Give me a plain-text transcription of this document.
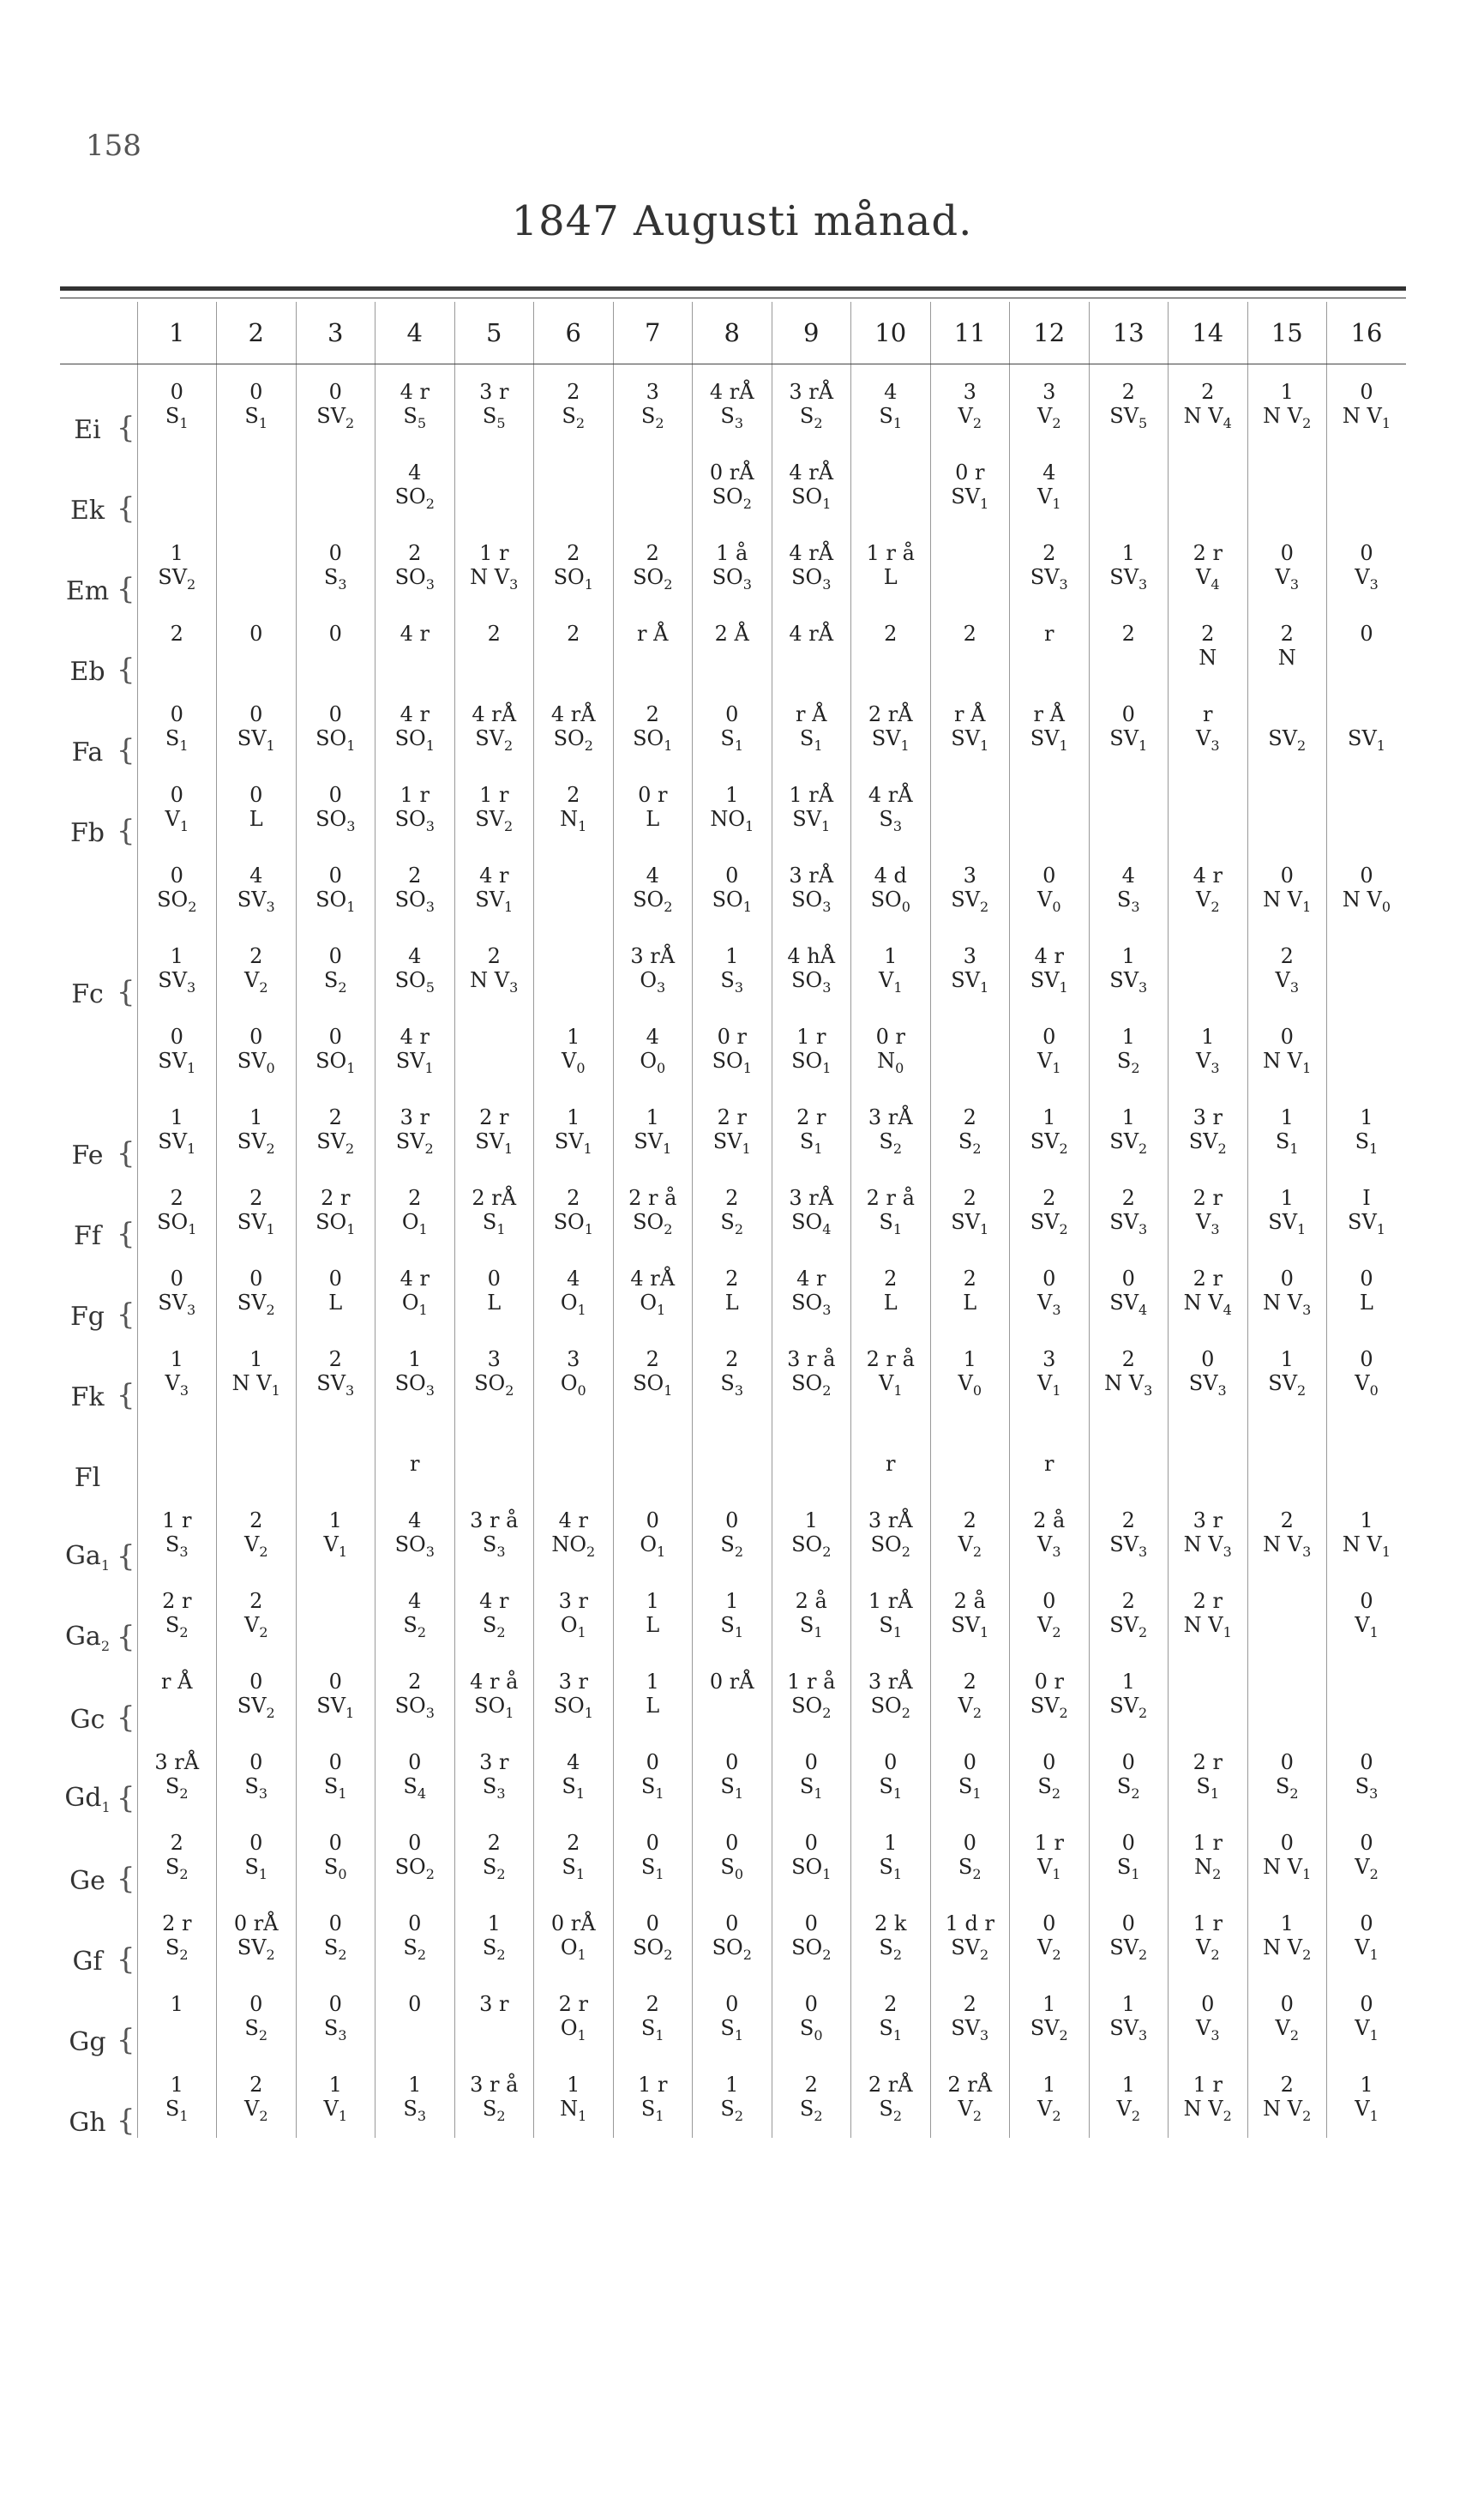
158
1847 Augusti månad.
		1	2	3	4	5	6	7	8	9	10	11	12	13	14	15	16
Ei	{	0	0	0	4 r	3 r	2	3	4 rÅ	3 rÅ	4	3	3	2	2	1	0
		$S_1$	$S_1$	$SV_2$	$S_5$	$S_5$	$S_2$	$S_2$	$S_3$	$S_2$	$S_1$	$V_2$	$V_2$	$SV_5$	N $V_4$	N $V_2$	N $V_1$
Ek	{				4				0 rÅ	4 rÅ		0 r	4				
					$SO_2$				$SO_2$	$SO_1$		$SV_1$	$V_1$				
Em	{	1		0	2	1 r	2	2	1 å	4 rÅ	1 r å		2	1	2 r	0	0
		$SV_2$		$S_3$	$SO_3$	N $V_3$	$SO_1$	$SO_2$	$SO_3$	$SO_3$	L		$SV_3$	$SV_3$	$V_4$	$V_3$	$V_3$
Eb	{	2	0	0	4 r	2	2	r Å	2 Å	4 rÅ	2	2	r	2	2	2	0
															N	N	
Fa	{	0	0	0	4 r	4 rÅ	4 rÅ	2	0	r Å	2 rÅ	r Å	r Å	0	r		
		$S_1$	$SV_1$	$SO_1$	$SO_1$	$SV_2$	$SO_2$	$SO_1$	$S_1$	$S_1$	$SV_1$	$SV_1$	$SV_1$	$SV_1$	$V_3$	$SV_2$	$SV_1$
Fb	{	0	0	0	1 r	1 r	2	0 r	1	1 rÅ	4 rÅ						
		$V_1$	L	$SO_3$	$SO_3$	$SV_2$	$N_1$	L	$NO_1$	$SV_1$	$S_3$						
		0	4	0	2	4 r		4	0	3 rÅ	4 d	3	0	4	4 r	0	0
		$SO_2$	$SV_3$	$SO_1$	$SO_3$	$SV_1$		$SO_2$	$SO_1$	$SO_3$	$SO_0$	$SV_2$	$V_0$	$S_3$	$V_2$	N $V_1$	N $V_0$
Fc	{	1	2	0	4	2		3 rÅ	1	4 hÅ	1	3	4 r	1		2	
		$SV_3$	$V_2$	$S_2$	$SO_5$	N $V_3$		$O_3$	$S_3$	$SO_3$	$V_1$	$SV_1$	$SV_1$	$SV_3$		$V_3$	
		0	0	0	4 r		1	4	0 r	1 r	0 r		0	1	1	0	
		$SV_1$	$SV_0$	$SO_1$	$SV_1$		$V_0$	$O_0$	$SO_1$	$SO_1$	$N_0$		$V_1$	$S_2$	$V_3$	N $V_1$	
Fe	{	1	1	2	3 r	2 r	1	1	2 r	2 r	3 rÅ	2	1	1	3 r	1	1
		$SV_1$	$SV_2$	$SV_2$	$SV_2$	$SV_1$	$SV_1$	$SV_1$	$SV_1$	$S_1$	$S_2$	$S_2$	$SV_2$	$SV_2$	$SV_2$	$S_1$	$S_1$
Ff	{	2	2	2 r	2	2 rÅ	2	2 r å	2	3 rÅ	2 r å	2	2	2	2 r	1	I
		$SO_1$	$SV_1$	$SO_1$	$O_1$	$S_1$	$SO_1$	$SO_2$	$S_2$	$SO_4$	$S_1$	$SV_1$	$SV_2$	$SV_3$	$V_3$	$SV_1$	$SV_1$
Fg	{	0	0	0	4 r	0	4	4 rÅ	2	4 r	2	2	0	0	2 r	0	0
		$SV_3$	$SV_2$	L	$O_1$	L	$O_1$	$O_1$	L	$SO_3$	L	L	$V_3$	$SV_4$	N $V_4$	N $V_3$	L
Fk	{	1	1	2	1	3	3	2	2	3 r å	2 r å	1	3	2	0	1	0
		$V_3$	N $V_1$	$SV_3$	$SO_3$	$SO_2$	$O_0$	$SO_1$	$S_3$	$SO_2$	$V_1$	$V_0$	$V_1$	N $V_3$	$SV_3$	$SV_2$	$V_0$
Fl																	
					r						r		r				
$Ga_1$	{	1 r	2	1	4	3 r å	4 r	0	0	1	3 rÅ	2	2 å	2	3 r	2	1
		$S_3$	$V_2$	$V_1$	$SO_3$	$S_3$	$NO_2$	$O_1$	$S_2$	$SO_2$	$SO_2$	$V_2$	$V_3$	$SV_3$	N $V_3$	N $V_3$	N $V_1$
$Ga_2$	{	2 r	2		4	4 r	3 r	1	1	2 å	1 rÅ	2 å	0	2	2 r		0
		$S_2$	$V_2$		$S_2$	$S_2$	$O_1$	L	$S_1$	$S_1$	$S_1$	$SV_1$	$V_2$	$SV_2$	N $V_1$		$V_1$
Gc	{	r Å	0	0	2	4 r å	3 r	1	0 rÅ	1 r å	3 rÅ	2	0 r	1			
			$SV_2$	$SV_1$	$SO_3$	$SO_1$	$SO_1$	L		$SO_2$	$SO_2$	$V_2$	$SV_2$	$SV_2$			
$Gd_1$	{	3 rÅ	0	0	0	3 r	4	0	0	0	0	0	0	0	2 r	0	0
		$S_2$	$S_3$	$S_1$	$S_4$	$S_3$	$S_1$	$S_1$	$S_1$	$S_1$	$S_1$	$S_1$	$S_2$	$S_2$	$S_1$	$S_2$	$S_3$
Ge	{	2	0	0	0	2	2	0	0	0	1	0	1 r	0	1 r	0	0
		$S_2$	$S_1$	$S_0$	$SO_2$	$S_2$	$S_1$	$S_1$	$S_0$	$SO_1$	$S_1$	$S_2$	$V_1$	$S_1$	$N_2$	N $V_1$	$V_2$
Gf	{	2 r	0 rÅ	0	0	1	0 rÅ	0	0	0	2 k	1 d r	0	0	1 r	1	0
		$S_2$	$SV_2$	$S_2$	$S_2$	$S_2$	$O_1$	$SO_2$	$SO_2$	$SO_2$	$S_2$	$SV_2$	$V_2$	$SV_2$	$V_2$	N $V_2$	$V_1$
Gg	{	1	0	0	0	3 r	2 r	2	0	0	2	2	1	1	0	0	0
			$S_2$	$S_3$			$O_1$	$S_1$	$S_1$	$S_0$	$S_1$	$SV_3$	$SV_2$	$SV_3$	$V_3$	$V_2$	$V_1$
Gh	{	1	2	1	1	3 r å	1	1 r	1	2	2 rÅ	2 rÅ	1	1	1 r	2	1
		$S_1$	$V_2$	$V_1$	$S_3$	$S_2$	$N_1$	$S_1$	$S_2$	$S_2$	$S_2$	$V_2$	$V_2$	$V_2$	N $V_2$	N $V_2$	$V_1$
